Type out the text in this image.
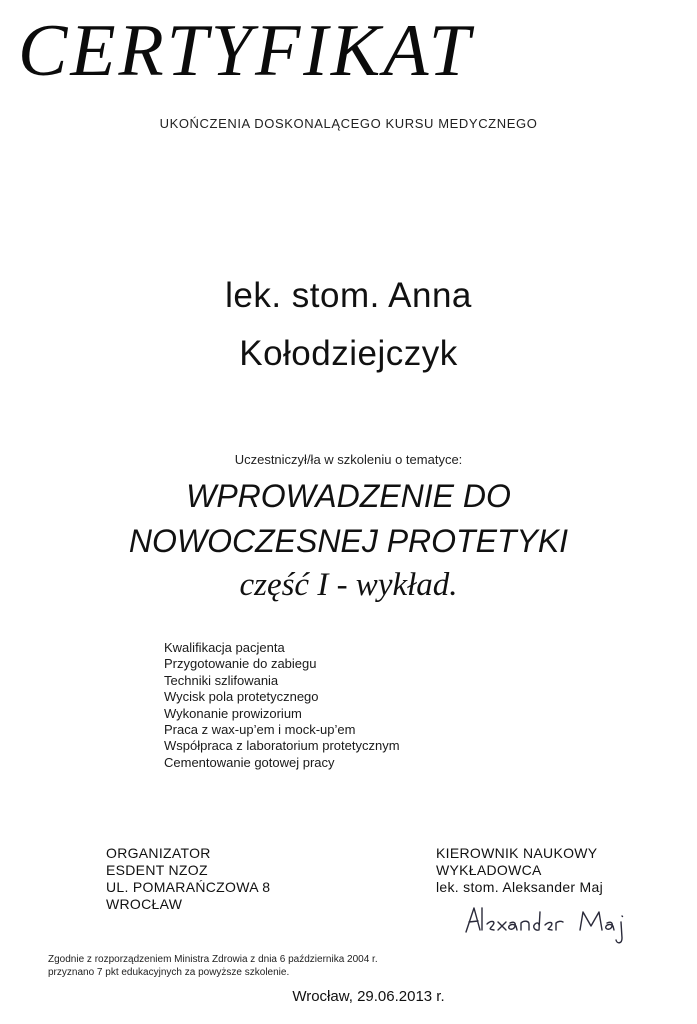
CERTYFIKAT
UKOŃCZENIA DOSKONALĄCEGO KURSU MEDYCZNEGO
lek. stom. Anna
Kołodziejczyk
Uczestniczył/ła w szkoleniu o tematyce:
WPROWADZENIE DO
NOWOCZESNEJ PROTETYKI
część I - wykład.
Kwalifikacja pacjenta
Przygotowanie do zabiegu
Techniki szlifowania
Wycisk pola protetycznego
Wykonanie prowizorium
Praca z wax-up’em i mock-up’em
Współpraca z laboratorium protetycznym
Cementowanie gotowej pracy
ORGANIZATOR
ESDENT NZOZ
UL. POMARAŃCZOWA 8
WROCŁAW
KIEROWNIK NAUKOWY
WYKŁADOWCA
lek. stom. Aleksander Maj
Zgodnie z rozporządzeniem Ministra Zdrowia z dnia 6 października 2004 r.
przyznano 7 pkt edukacyjnych za powyższe szkolenie.
Wrocław, 29.06.2013 r.
